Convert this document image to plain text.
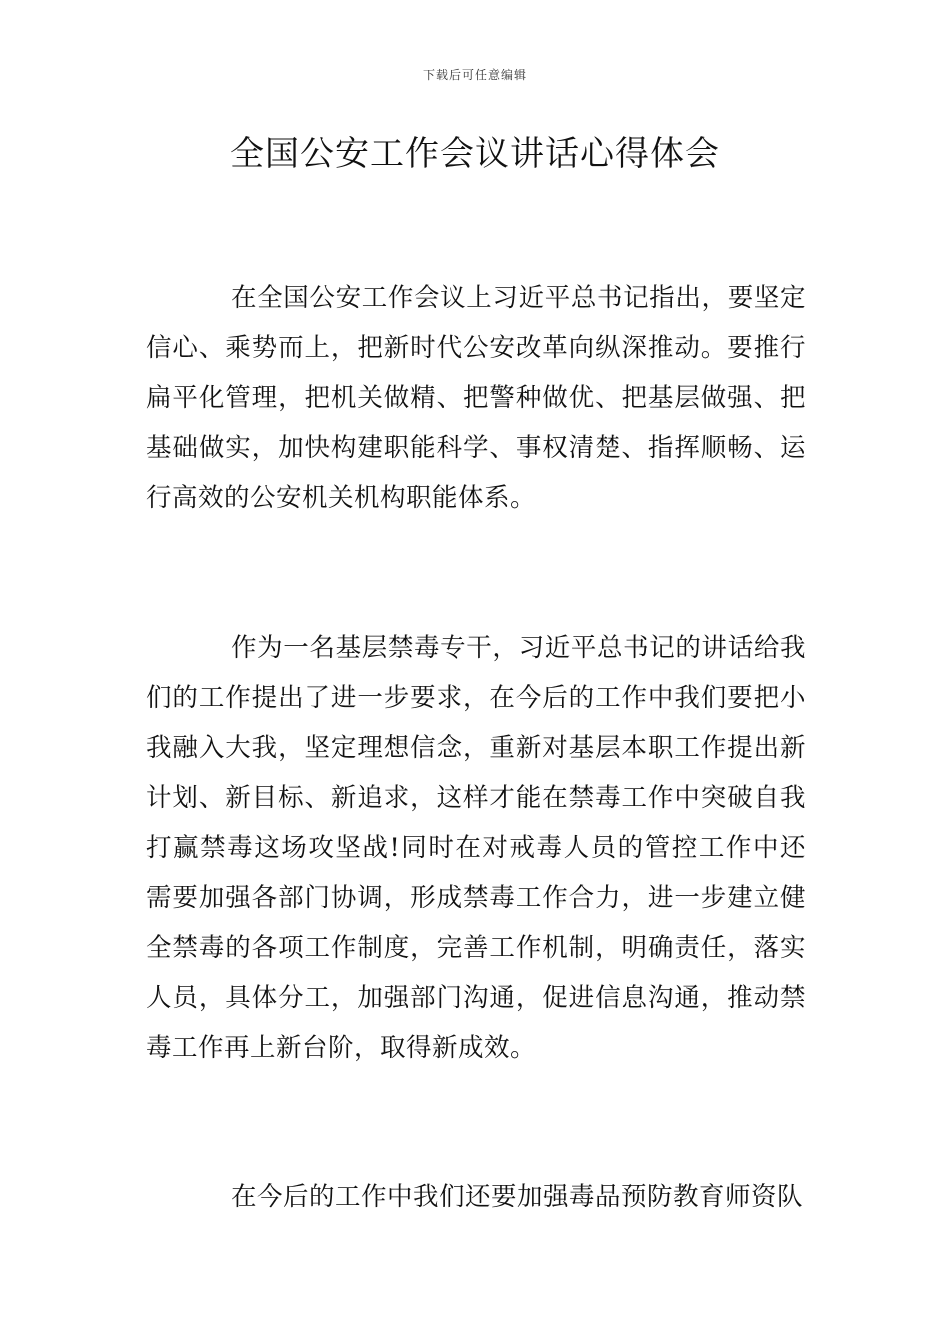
下载后可任意编辑
全国公安工作会议讲话心得体会

在全国公安工作会议上习近平总书记指出，要坚定信心、乘势而上，把新时代公安改革向纵深推动。要推行扁平化管理，把机关做精、把警种做优、把基层做强、把基础做实，加快构建职能科学、事权清楚、指挥顺畅、运行高效的公安机关机构职能体系。

作为一名基层禁毒专干，习近平总书记的讲话给我们的工作提出了进一步要求，在今后的工作中我们要把小我融入大我，坚定理想信念，重新对基层本职工作提出新计划、新目标、新追求，这样才能在禁毒工作中突破自我打赢禁毒这场攻坚战!同时在对戒毒人员的管控工作中还需要加强各部门协调，形成禁毒工作合力，进一步建立健全禁毒的各项工作制度，完善工作机制，明确责任，落实人员，具体分工，加强部门沟通，促进信息沟通，推动禁毒工作再上新台阶，取得新成效。

在今后的工作中我们还要加强毒品预防教育师资队
